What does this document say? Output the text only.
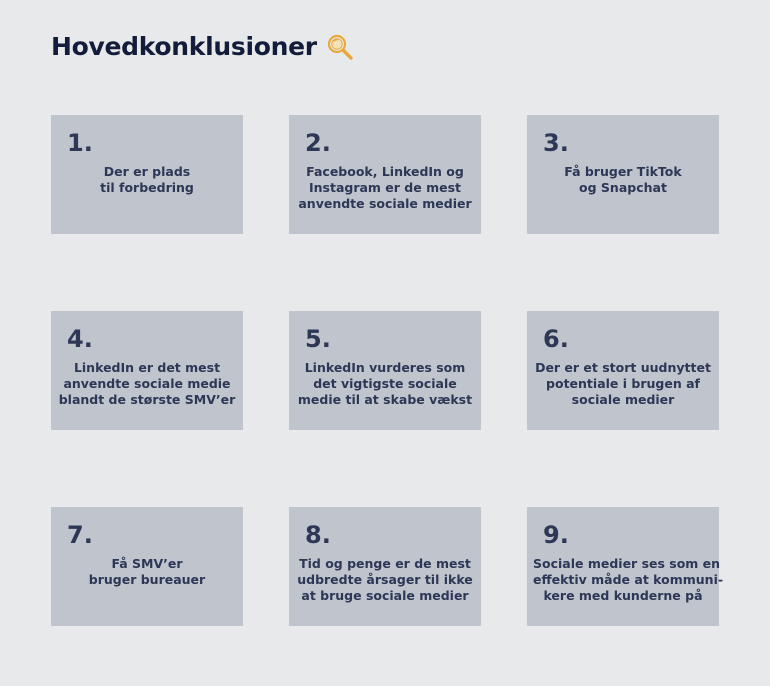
Hovedkonklusioner
1.
Der er plads
til forbedring
2.
Facebook, LinkedIn og
Instagram er de mest
anvendte sociale medier
3.
Få bruger TikTok
og Snapchat
4.
LinkedIn er det mest
anvendte sociale medie
blandt de største SMV’er
5.
LinkedIn vurderes som
det vigtigste sociale
medie til at skabe vækst
6.
Der er et stort uudnyttet
potentiale i brugen af
sociale medier
7.
Få SMV’er
bruger bureauer
8.
Tid og penge er de mest
udbredte årsager til ikke
at bruge sociale medier
9.
Sociale medier ses som en
effektiv måde at kommuni-
kere med kunderne på
